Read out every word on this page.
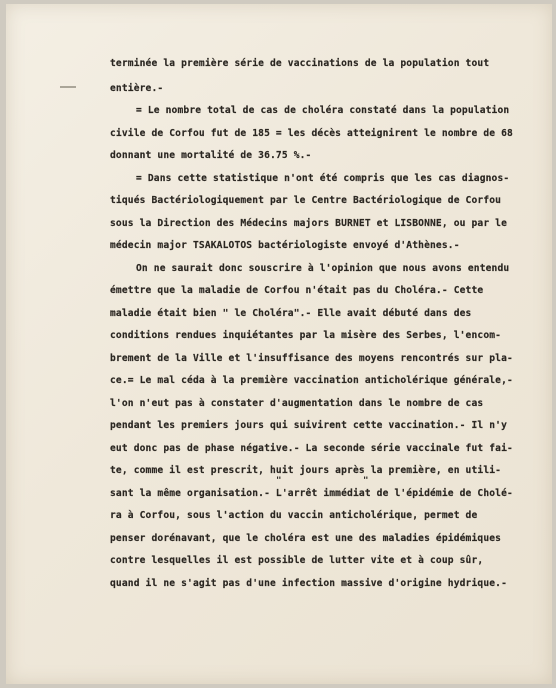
terminée la première série de vaccinations de la population tout
entière.-
= Le nombre total de cas de choléra constaté dans la population
civile de Corfou fut de 185 = les décès atteignirent le nombre de 68
donnant une mortalité de 36.75 %.-
= Dans cette statistique n'ont été compris que les cas diagnos-
tiqués Bactériologiquement par le Centre Bactériologique de Corfou
sous la Direction des Médecins majors BURNET et LISBONNE, ou par le
médecin major TSAKALOTOS bactériologiste envoyé d'Athènes.-
On ne saurait donc souscrire à l'opinion que nous avons entendu
émettre que la maladie de Corfou n'était pas du Choléra.- Cette
maladie était bien " le Choléra".- Elle avait débuté dans des
conditions rendues inquiétantes par la misère des Serbes, l'encom-
brement de la Ville et l'insuffisance des moyens rencontrés sur pla-
ce.= Le mal céda à la première vaccination anticholérique générale,-
l'on n'eut pas à constater d'augmentation dans le nombre de cas
pendant les premiers jours qui suivirent cette vaccination.- Il n'y
eut donc pas de phase négative.- La seconde série vaccinale fut fai-
te, comme il est prescrit, huit jours après la première, en utili-
sant la même organisation.- L'arrêt immédiat de l'épidémie de Cholé-
ra à Corfou, sous l'action du vaccin anticholérique, permet de
penser dorénavant, que le choléra est une des maladies épidémiques
contre lesquelles il est possible de lutter vite et à coup sûr,
quand il ne s'agit pas d'une infection massive d'origine hydrique.-
"	"
